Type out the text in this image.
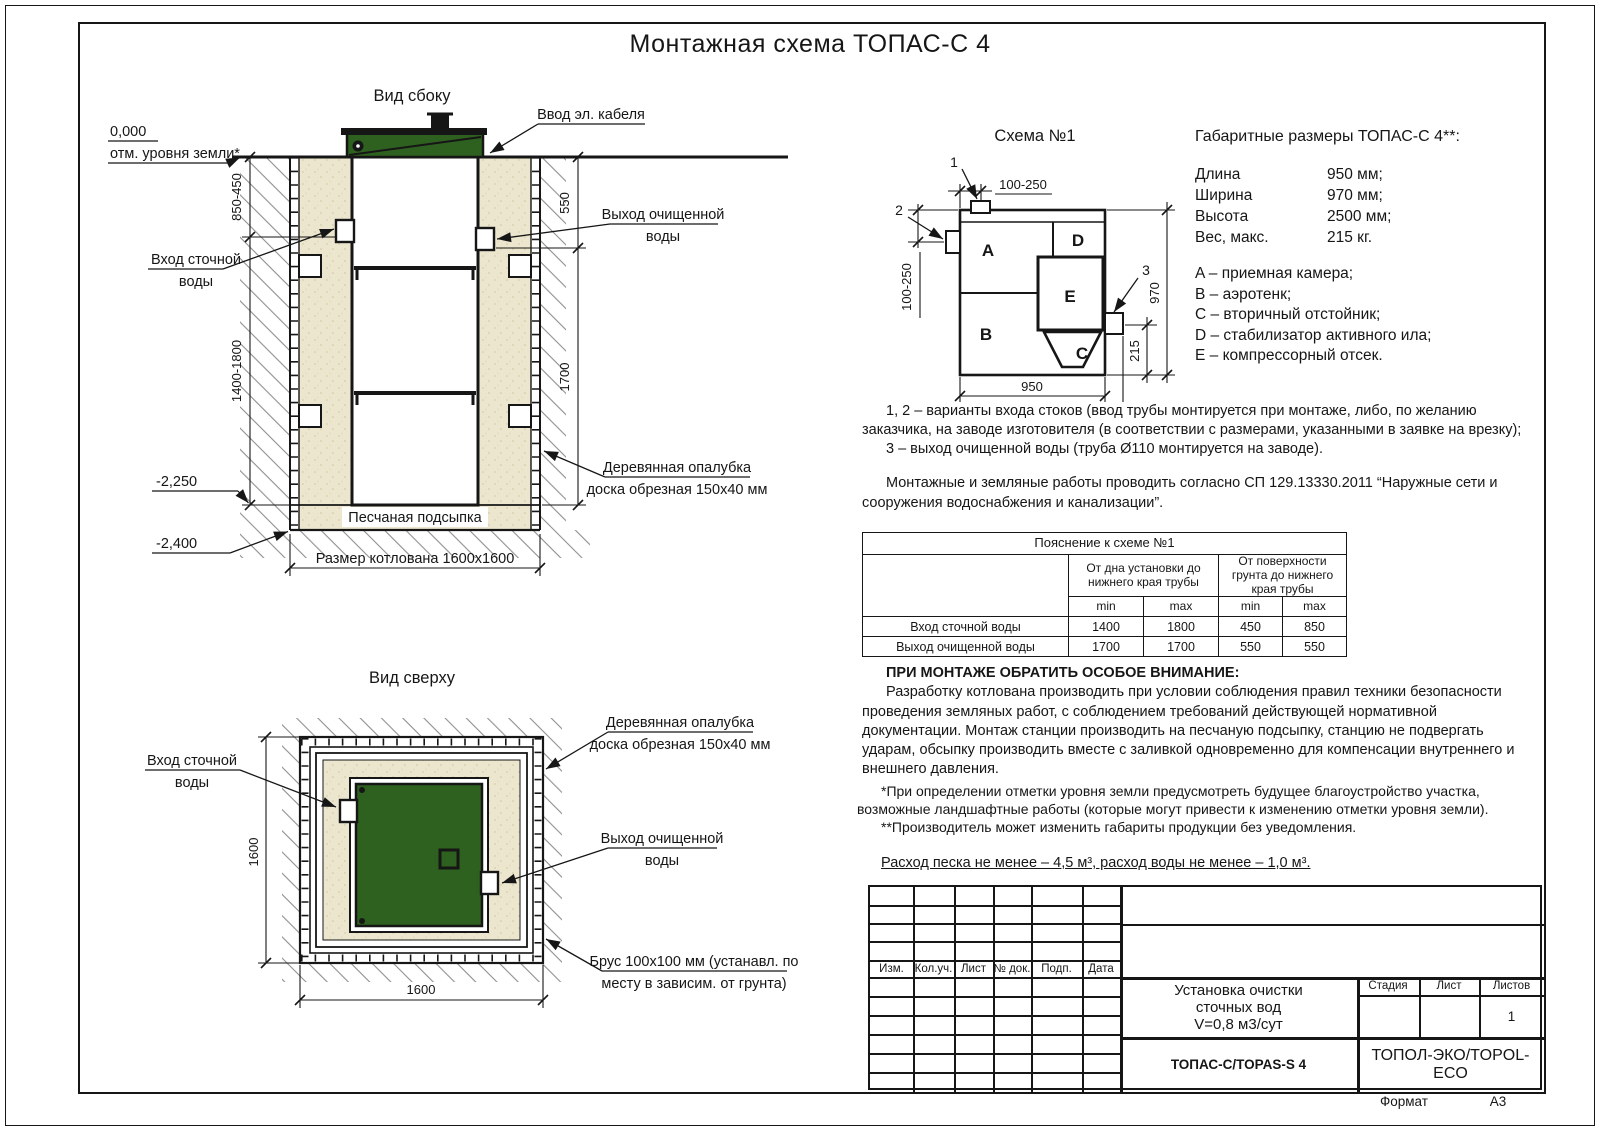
Монтажная схема ТОПАС-С 4
Вид сбоку
Ввод эл. кабеля
0,000
отм. уровня земли*
850-450
1400-1800
550
1700
Вход сточной
воды
Выход очищенной
воды
Деревянная опалубка
доска обрезная 150х40 мм
-2,250
-2,400
Песчаная подсыпка
Размер котлована 1600х1600
Вид сверху
Вход сточной
воды
Деревянная опалубка
доска обрезная 150х40 мм
Выход очищенной
воды
Брус 100х100 мм (устанавл. по
месту в зависим. от грунта)
1600
1600
Схема №1
A
B
C
D
E
1
2
3
100-250
100-250	970
215
950

Габаритные размеры ТОПАС-С 4**:

Длина	950 мм;
Ширина	970 мм;
Высота	2500 мм;
Вес, макс.	215 кг.
A – приемная камера;
B – аэротенк;
C – вторичный отстойник;
D – стабилизатор активного ила;
E – компрессорный отсек.

1, 2 – варианты входа стоков (ввод трубы монтируется при монтаже, либо, по желанию заказчика, на заводе изготовителя (в соответствии с размерами, указанными в заявке на врезку);

3 – выход очищенной воды (труба Ø110 монтируется на заводе).

Монтажные и земляные работы проводить согласно СП 129.13330.2011 “Наружные сети и сооружения водоснабжения и канализации”.

Пояснение к схеме №1				
	От дна установки до нижнего края трубы		От поверхности грунта до нижнего края трубы	
	min	max	min	max
Вход сточной воды	1400	1800	450	850
Выход очищенной воды	1700	1700	550	550

ПРИ МОНТАЖЕ ОБРАТИТЬ ОСОБОЕ ВНИМАНИЕ:

Разработку котлована производить при условии соблюдения правил техники безопасности проведения земляных работ, с соблюдением требований действующей нормативной документации. Монтаж станции производить на песчаную подсыпку, станцию не подвергать ударам, обсыпку производить вместе с заливкой одновременно для компенсации внутреннего и внешнего давления.

*При определении отметки уровня земли предусмотреть будущее благоустройство участка, возможные ландшафтные работы (которые могут привести к изменению отметки уровня земли).

**Производитель может изменить габариты продукции без уведомления.

Расход песка не менее – 4,5 м³, расход воды не менее – 1,0 м³.

Изм. Кол.уч. Лист № док. Подп.	Дата
Установка очистки
сточных вод
V=0,8 м3/сут
Стадия	Лист	Листов
1
ТОПАС-С/TOPAS-S 4
ТОПОЛ-ЭКО/TOPOL-ECO
Формат	А3
